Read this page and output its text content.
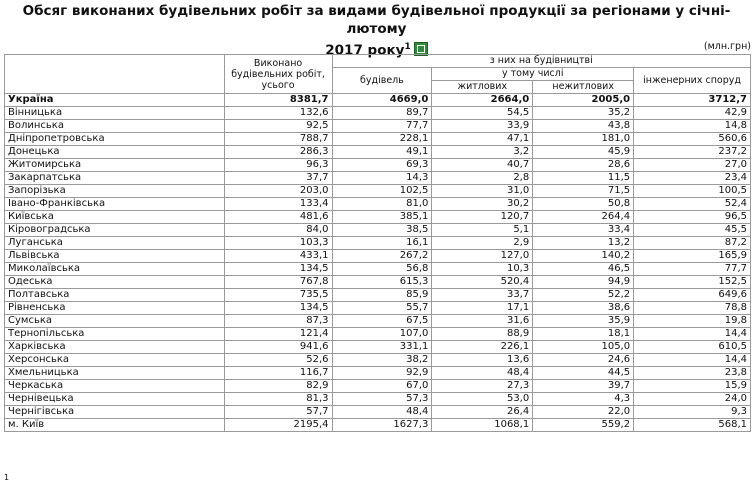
Обсяг виконаних будівельних робіт за видами будівельної продукції за регіонами у січні-лютому
2017 року$^1$	(млн.грн)
	Виконано будівельних робіт, усього	з них на будівництві			
		будівель	у тому числі		інженерних споруд
			житлових	нежитлових	
Україна	8381,7	4669,0	2664,0	2005,0	3712,7
Вінницька	132,6	89,7	54,5	35,2	42,9
Волинська	92,5	77,7	33,9	43,8	14,8
Дніпропетровська	788,7	228,1	47,1	181,0	560,6
Донецька	286,3	49,1	3,2	45,9	237,2
Житомирська	96,3	69,3	40,7	28,6	27,0
Закарпатська	37,7	14,3	2,8	11,5	23,4
Запорізька	203,0	102,5	31,0	71,5	100,5
Івано-Франківська	133,4	81,0	30,2	50,8	52,4
Київська	481,6	385,1	120,7	264,4	96,5
Кіровоградська	84,0	38,5	5,1	33,4	45,5
Луганська	103,3	16,1	2,9	13,2	87,2
Львівська	433,1	267,2	127,0	140,2	165,9
Миколаївська	134,5	56,8	10,3	46,5	77,7
Одеська	767,8	615,3	520,4	94,9	152,5
Полтавська	735,5	85,9	33,7	52,2	649,6
Рівненська	134,5	55,7	17,1	38,6	78,8
Сумська	87,3	67,5	31,6	35,9	19,8
Тернопільська	121,4	107,0	88,9	18,1	14,4
Харківська	941,6	331,1	226,1	105,0	610,5
Херсонська	52,6	38,2	13,6	24,6	14,4
Хмельницька	116,7	92,9	48,4	44,5	23,8
Черкаська	82,9	67,0	27,3	39,7	15,9
Чернівецька	81,3	57,3	53,0	4,3	24,0
Чернігівська	57,7	48,4	26,4	22,0	9,3
м. Київ	2195,4	1627,3	1068,1	559,2	568,1
1
